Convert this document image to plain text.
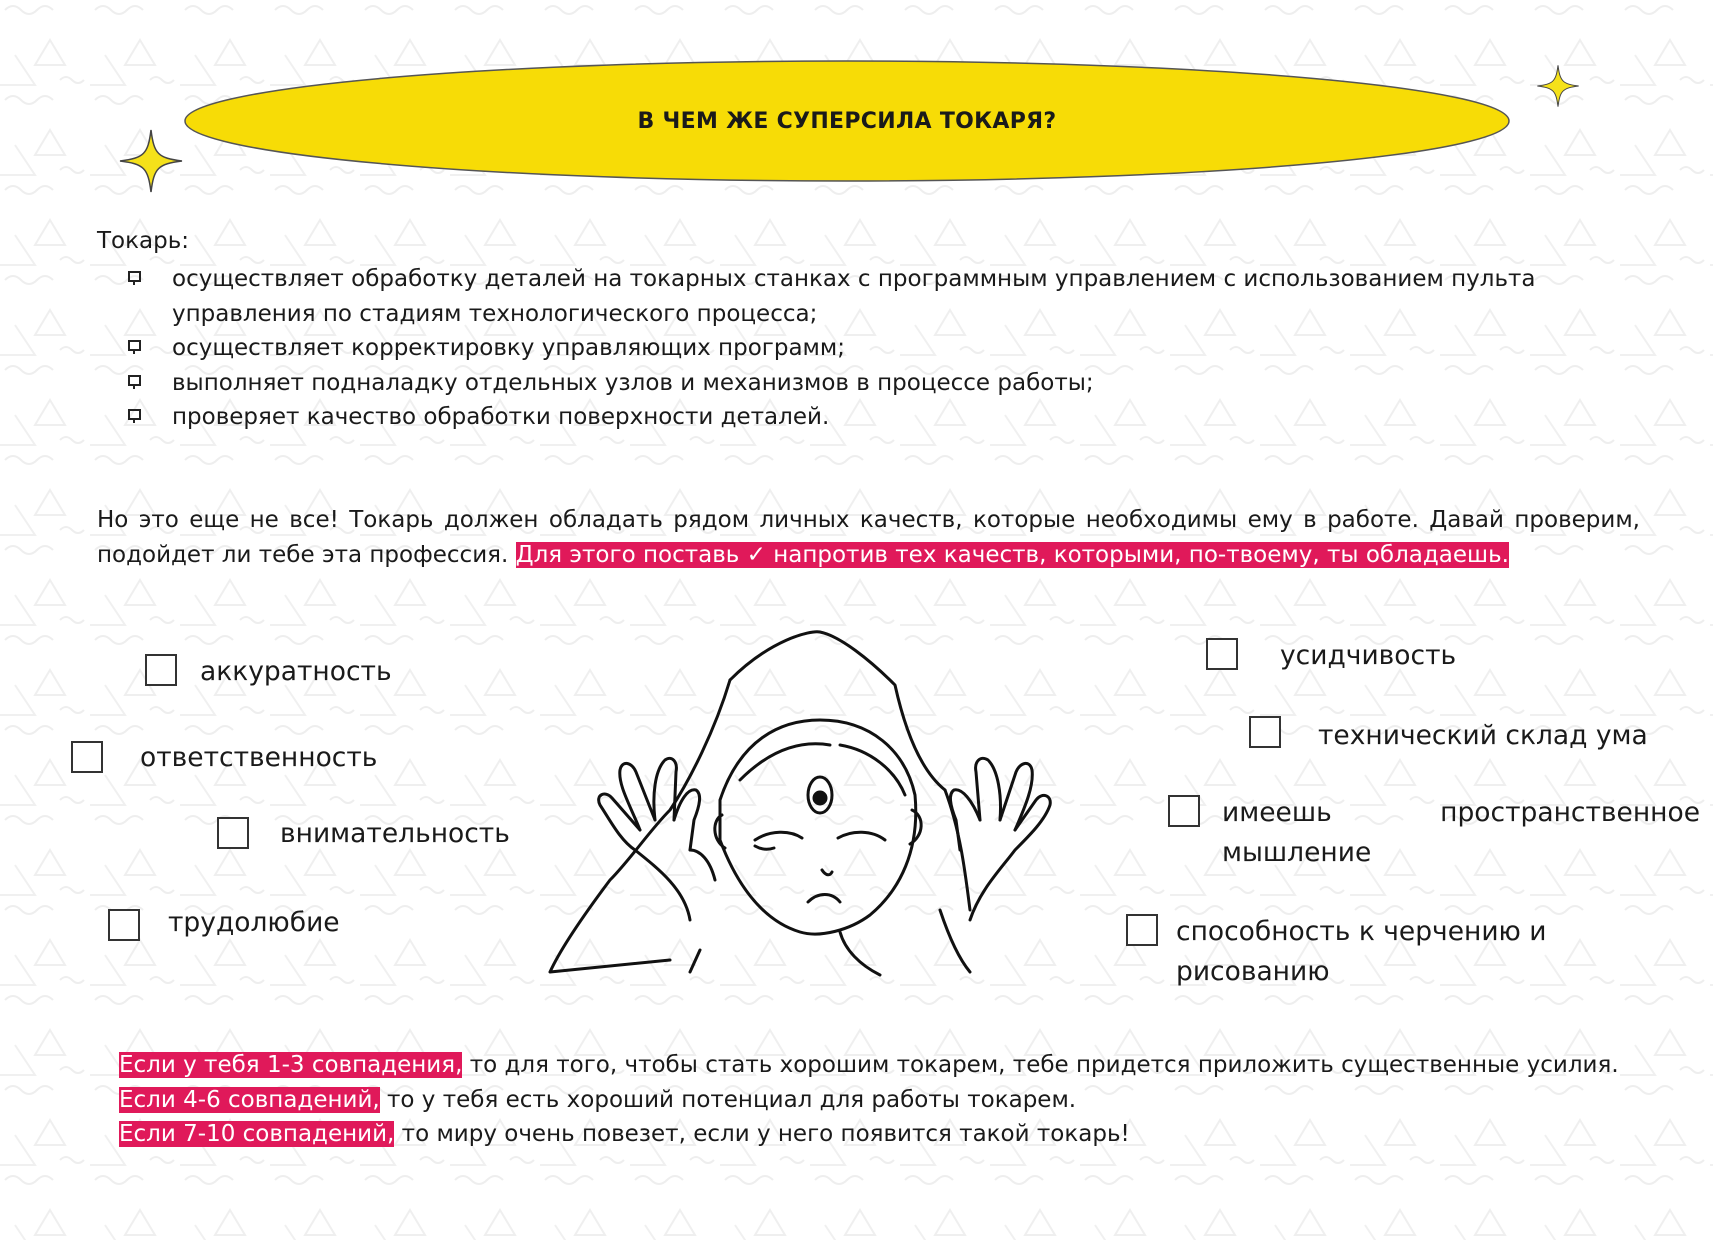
В ЧЕМ ЖЕ СУПЕРСИЛА ТОКАРЯ?
Токарь:
осуществляет обработку деталей на токарных станках с программным управлением с использованием пульта управления по стадиям технологического процесса;
осуществляет корректировку управляющих программ;
выполняет подналадку отдельных узлов и механизмов в процессе работы;
проверяет качество обработки поверхности деталей.
Но это еще не все! Токарь должен обладать рядом личных качеств, которые необходимы ему в работе. Давай проверим, подойдет ли тебе эта профессия. Для этого поставь ✓ напротив тех качеств, которыми, по-твоему, ты обладаешь.
аккуратность
ответственность
внимательность
трудолюбие
усидчивость
технический склад ума
имеешь пространственное мышление
способность к черчению и рисованию

Если у тебя 1-3 совпадения, то для того, чтобы стать хорошим токарем, тебе придется приложить существенные усилия.

Если 4-6 совпадений, то у тебя есть хороший потенциал для работы токарем.

Если 7-10 совпадений, то миру очень повезет, если у него появится такой токарь!
